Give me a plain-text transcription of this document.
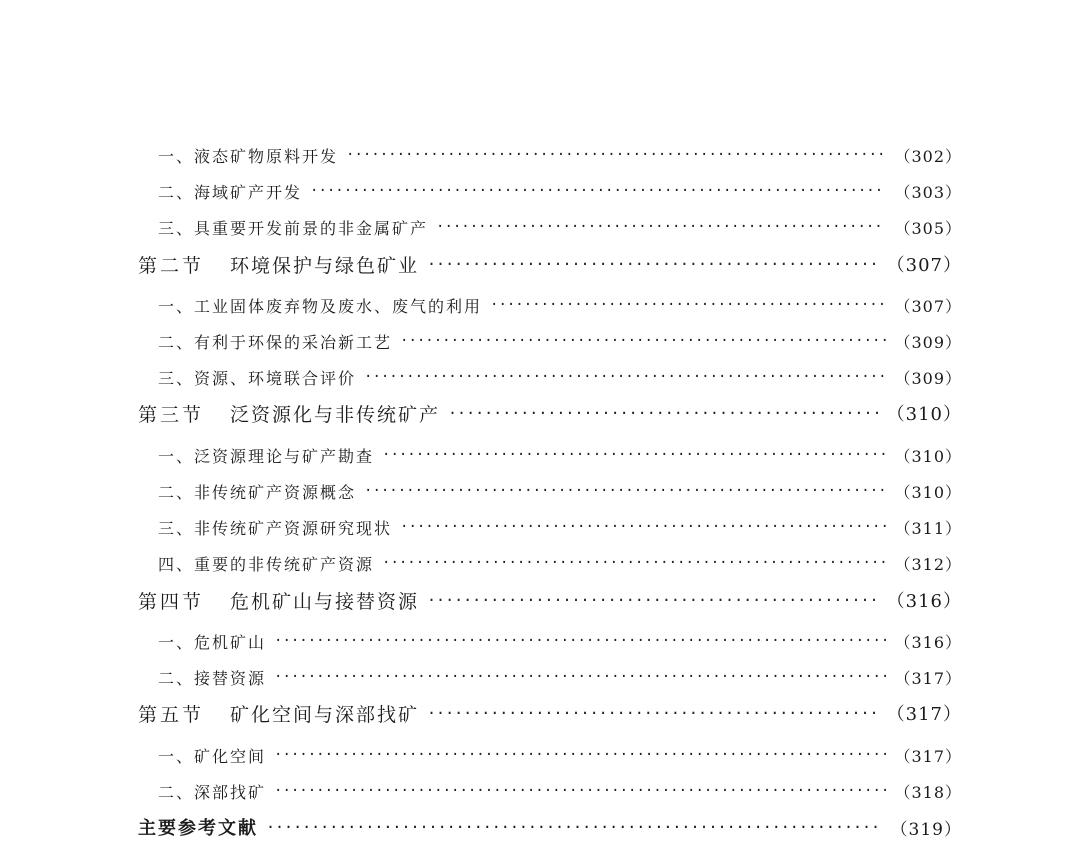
一、液态矿物原料开发 ·····	（302）
二、海域矿产开发 ·····	（303）
三、具重要开发前景的非金属矿产 ·····	（305）
第二节 环境保护与绿色矿业 ·····	（307）
一、工业固体废弃物及废水、废气的利用 ·····	（307）
二、有利于环保的采冶新工艺 ·····	（309）
三、资源、环境联合评价 ·····	（309）
第三节 泛资源化与非传统矿产 ·····	（310）
一、泛资源理论与矿产勘查 ·····	（310）
二、非传统矿产资源概念 ·····	（310）
三、非传统矿产资源研究现状 ·····	（311）
四、重要的非传统矿产资源 ·····	（312）
第四节 危机矿山与接替资源 ·····	（316）
一、危机矿山 ·····	（316）
二、接替资源 ·····	（317）
第五节 矿化空间与深部找矿 ·····	（317）
一、矿化空间 ·····	（317）
二、深部找矿 ·····	（318）
主要参考文献 ·····	（319）
